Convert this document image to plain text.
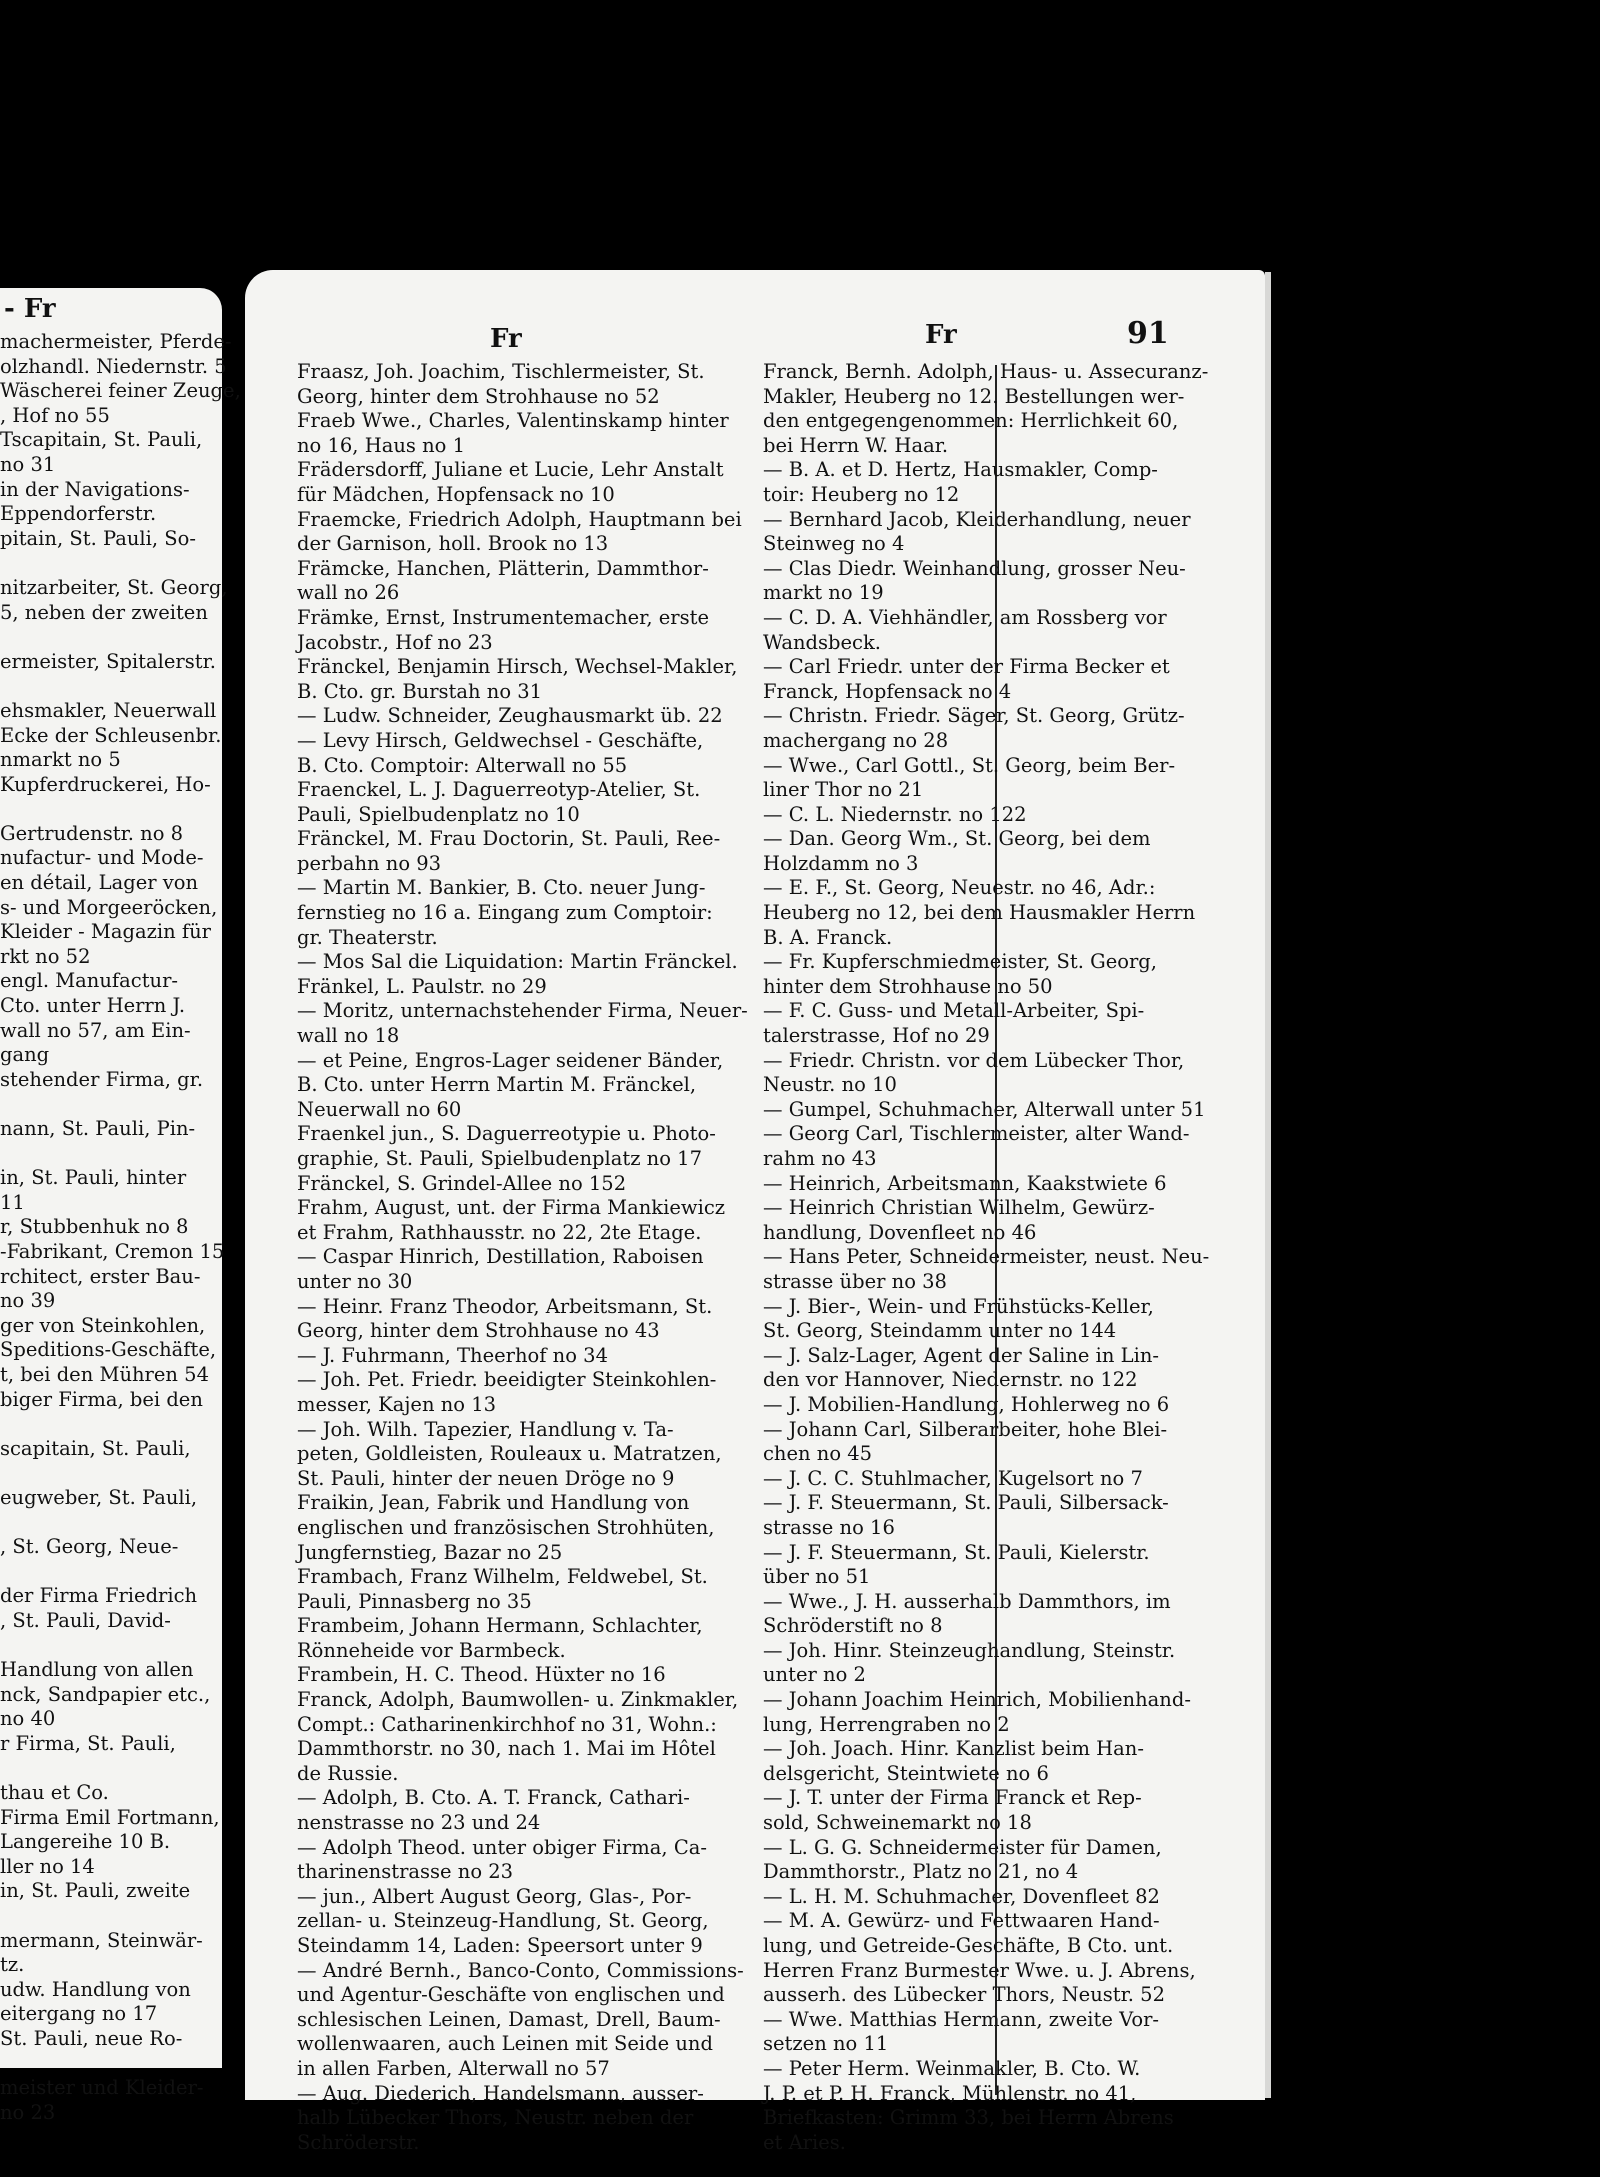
- Fr
machermeister, Pferde-
olzhandl. Niedernstr. 5
Wäscherei feiner Zeuge,
, Hof no 55
Tscapitain, St. Pauli,
no 31
in der Navigations-
Eppendorferstr.
pitain, St. Pauli, So-
nitzarbeiter, St. Georg,
5, neben der zweiten
ermeister, Spitalerstr.
ehsmakler, Neuerwall
Ecke der Schleusenbr.
nmarkt no 5
Kupferdruckerei, Ho-
Gertrudenstr. no 8
nufactur- und Mode-
en détail, Lager von
s- und Morgeeröcken,
Kleider - Magazin für
rkt no 52
engl. Manufactur-
Cto. unter Herrn J.
wall no 57, am Ein-
gang
stehender Firma, gr.
nann, St. Pauli, Pin-
in, St. Pauli, hinter
11
r, Stubbenhuk no 8
-Fabrikant, Cremon 15
rchitect, erster Bau-
no 39
ger von Steinkohlen,
Speditions-Geschäfte,
t, bei den Mühren 54
biger Firma, bei den
scapitain, St. Pauli,
eugweber, St. Pauli,
, St. Georg, Neue-
der Firma Friedrich
, St. Pauli, David-
Handlung von allen
nck, Sandpapier etc.,
no 40
r Firma, St. Pauli,
thau et Co.
Firma Emil Fortmann,
Langereihe 10 B.
ller no 14
in, St. Pauli, zweite
mermann, Steinwär-
tz.
udw. Handlung von
eitergang no 17
St. Pauli, neue Ro-
meister und Kleider-
no 23
Fr	Fr	91
Fraasz, Joh. Joachim, Tischlermeister, St.
Georg, hinter dem Strohhause no 52
Fraeb Wwe., Charles, Valentinskamp hinter
no 16, Haus no 1
Frädersdorff, Juliane et Lucie, Lehr Anstalt
für Mädchen, Hopfensack no 10
Fraemcke, Friedrich Adolph, Hauptmann bei
der Garnison, holl. Brook no 13
Främcke, Hanchen, Plätterin, Dammthor-
wall no 26
Främke, Ernst, Instrumentemacher, erste
Jacobstr., Hof no 23
Fränckel, Benjamin Hirsch, Wechsel-Makler,
B. Cto. gr. Burstah no 31
— Ludw. Schneider, Zeughausmarkt üb. 22
— Levy Hirsch, Geldwechsel - Geschäfte,
B. Cto. Comptoir: Alterwall no 55
Fraenckel, L. J. Daguerreotyp-Atelier, St.
Pauli, Spielbudenplatz no 10
Fränckel, M. Frau Doctorin, St. Pauli, Ree-
perbahn no 93
— Martin M. Bankier, B. Cto. neuer Jung-
fernstieg no 16 a. Eingang zum Comptoir:
gr. Theaterstr.
— Mos Sal die Liquidation: Martin Fränckel.
Fränkel, L. Paulstr. no 29
— Moritz, unternachstehender Firma, Neuer-
wall no 18
— et Peine, Engros-Lager seidener Bänder,
B. Cto. unter Herrn Martin M. Fränckel,
Neuerwall no 60
Fraenkel jun., S. Daguerreotypie u. Photo-
graphie, St. Pauli, Spielbudenplatz no 17
Fränckel, S. Grindel-Allee no 152
Frahm, August, unt. der Firma Mankiewicz
et Frahm, Rathhausstr. no 22, 2te Etage.
— Caspar Hinrich, Destillation, Raboisen
unter no 30
— Heinr. Franz Theodor, Arbeitsmann, St.
Georg, hinter dem Strohhause no 43
— J. Fuhrmann, Theerhof no 34
— Joh. Pet. Friedr. beeidigter Steinkohlen-
messer, Kajen no 13
— Joh. Wilh. Tapezier, Handlung v. Ta-
peten, Goldleisten, Rouleaux u. Matratzen,
St. Pauli, hinter der neuen Dröge no 9
Fraikin, Jean, Fabrik und Handlung von
englischen und französischen Strohhüten,
Jungfernstieg, Bazar no 25
Frambach, Franz Wilhelm, Feldwebel, St.
Pauli, Pinnasberg no 35
Frambeim, Johann Hermann, Schlachter,
Rönneheide vor Barmbeck.
Frambein, H. C. Theod. Hüxter no 16
Franck, Adolph, Baumwollen- u. Zinkmakler,
Compt.: Catharinenkirchhof no 31, Wohn.:
Dammthorstr. no 30, nach 1. Mai im Hôtel
de Russie.
— Adolph, B. Cto. A. T. Franck, Cathari-
nenstrasse no 23 und 24
— Adolph Theod. unter obiger Firma, Ca-
tharinenstrasse no 23
— jun., Albert August Georg, Glas-, Por-
zellan- u. Steinzeug-Handlung, St. Georg,
Steindamm 14, Laden: Speersort unter 9
— André Bernh., Banco-Conto, Commissions-
und Agentur-Geschäfte von englischen und
schlesischen Leinen, Damast, Drell, Baum-
wollenwaaren, auch Leinen mit Seide und
in allen Farben, Alterwall no 57
— Aug. Diederich, Handelsmann, ausser-
halb Lübecker Thors, Neustr. neben der
Schröderstr.
Franck, Bernh. Adolph, Haus- u. Assecuranz-
Makler, Heuberg no 12. Bestellungen wer-
den entgegengenommen: Herrlichkeit 60,
bei Herrn W. Haar.
— B. A. et D. Hertz, Hausmakler, Comp-
toir: Heuberg no 12
— Bernhard Jacob, Kleiderhandlung, neuer
Steinweg no 4
— Clas Diedr. Weinhandlung, grosser Neu-
markt no 19
— C. D. A. Viehhändler, am Rossberg vor
Wandsbeck.
— Carl Friedr. unter der Firma Becker et
Franck, Hopfensack no 4
— Christn. Friedr. Säger, St. Georg, Grütz-
machergang no 28
— Wwe., Carl Gottl., St. Georg, beim Ber-
liner Thor no 21
— C. L. Niedernstr. no 122
— Dan. Georg Wm., St. Georg, bei dem
Holzdamm no 3
— E. F., St. Georg, Neuestr. no 46, Adr.:
Heuberg no 12, bei dem Hausmakler Herrn
B. A. Franck.
— Fr. Kupferschmiedmeister, St. Georg,
hinter dem Strohhause no 50
— F. C. Guss- und Metall-Arbeiter, Spi-
talerstrasse, Hof no 29
— Friedr. Christn. vor dem Lübecker Thor,
Neustr. no 10
— Gumpel, Schuhmacher, Alterwall unter 51
— Georg Carl, Tischlermeister, alter Wand-
rahm no 43
— Heinrich, Arbeitsmann, Kaakstwiete 6
— Heinrich Christian Wilhelm, Gewürz-
handlung, Dovenfleet no 46
— Hans Peter, Schneidermeister, neust. Neu-
strasse über no 38
— J. Bier-, Wein- und Frühstücks-Keller,
St. Georg, Steindamm unter no 144
— J. Salz-Lager, Agent der Saline in Lin-
den vor Hannover, Niedernstr. no 122
— J. Mobilien-Handlung, Hohlerweg no 6
— Johann Carl, Silberarbeiter, hohe Blei-
chen no 45
— J. C. C. Stuhlmacher, Kugelsort no 7
— J. F. Steuermann, St. Pauli, Silbersack-
strasse no 16
— J. F. Steuermann, St. Pauli, Kielerstr.
über no 51
— Wwe., J. H. ausserhalb Dammthors, im
Schröderstift no 8
— Joh. Hinr. Steinzeughandlung, Steinstr.
unter no 2
— Johann Joachim Heinrich, Mobilienhand-
lung, Herrengraben no 2
— Joh. Joach. Hinr. Kanzlist beim Han-
delsgericht, Steintwiete no 6
— J. T. unter der Firma Franck et Rep-
sold, Schweinemarkt no 18
— L. G. G. Schneidermeister für Damen,
Dammthorstr., Platz no 21, no 4
— L. H. M. Schuhmacher, Dovenfleet 82
— M. A. Gewürz- und Fettwaaren Hand-
lung, und Getreide-Geschäfte, B Cto. unt.
Herren Franz Burmester Wwe. u. J. Abrens,
ausserh. des Lübecker Thors, Neustr. 52
— Wwe. Matthias Hermann, zweite Vor-
setzen no 11
— Peter Herm. Weinmakler, B. Cto. W.
J. P. et P. H. Franck, Mühlenstr. no 41,
Briefkasten: Grimm 33, bei Herrn Abrens
et Aries.
